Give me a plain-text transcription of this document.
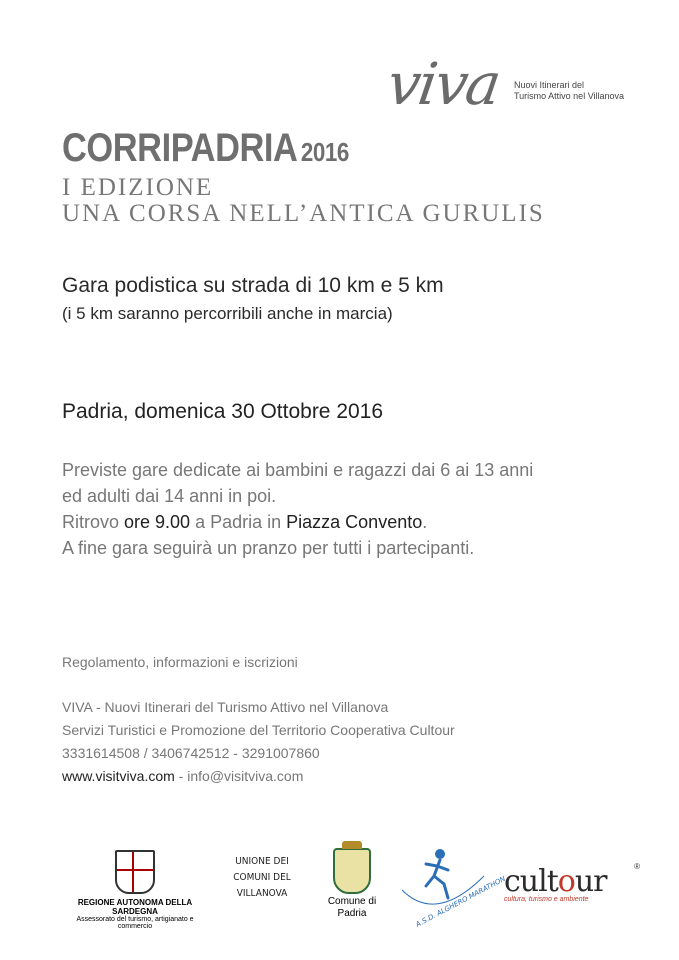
viva Nuovi Itinerari del
Turismo Attivo nel Villanova
CORRIPADRIA 2016
I EDIZIONE
UNA CORSA NELL’ANTICA GURULIS
Gara podistica su strada di 10 km e 5 km
(i 5 km saranno percorribili anche in marcia)
Padria, domenica 30 Ottobre 2016
Previste gare dedicate ai bambini e ragazzi dai 6 ai 13 anni
ed adulti dai 14 anni in poi.
Ritrovo ore 9.00 a Padria in Piazza Convento.
A fine gara seguirà un pranzo per tutti i partecipanti.
Regolamento, informazioni e iscrizioni
VIVA - Nuovi Itinerari del Turismo Attivo nel Villanova
Servizi Turistici e Promozione del Territorio Cooperativa Cultour
3331614508 / 3406742512 - 3291007860
www.visitviva.com - info@visitviva.com
REGIONE AUTONOMA DELLA SARDEGNA
Assessorato del turismo, artigianato e commercio
UNIONE DEI
COMUNI DEL
VILLANOVA
Comune di
Padria	A.S.D. ALGHERO MARATHON
®
cultour
cultura, turismo e ambiente
